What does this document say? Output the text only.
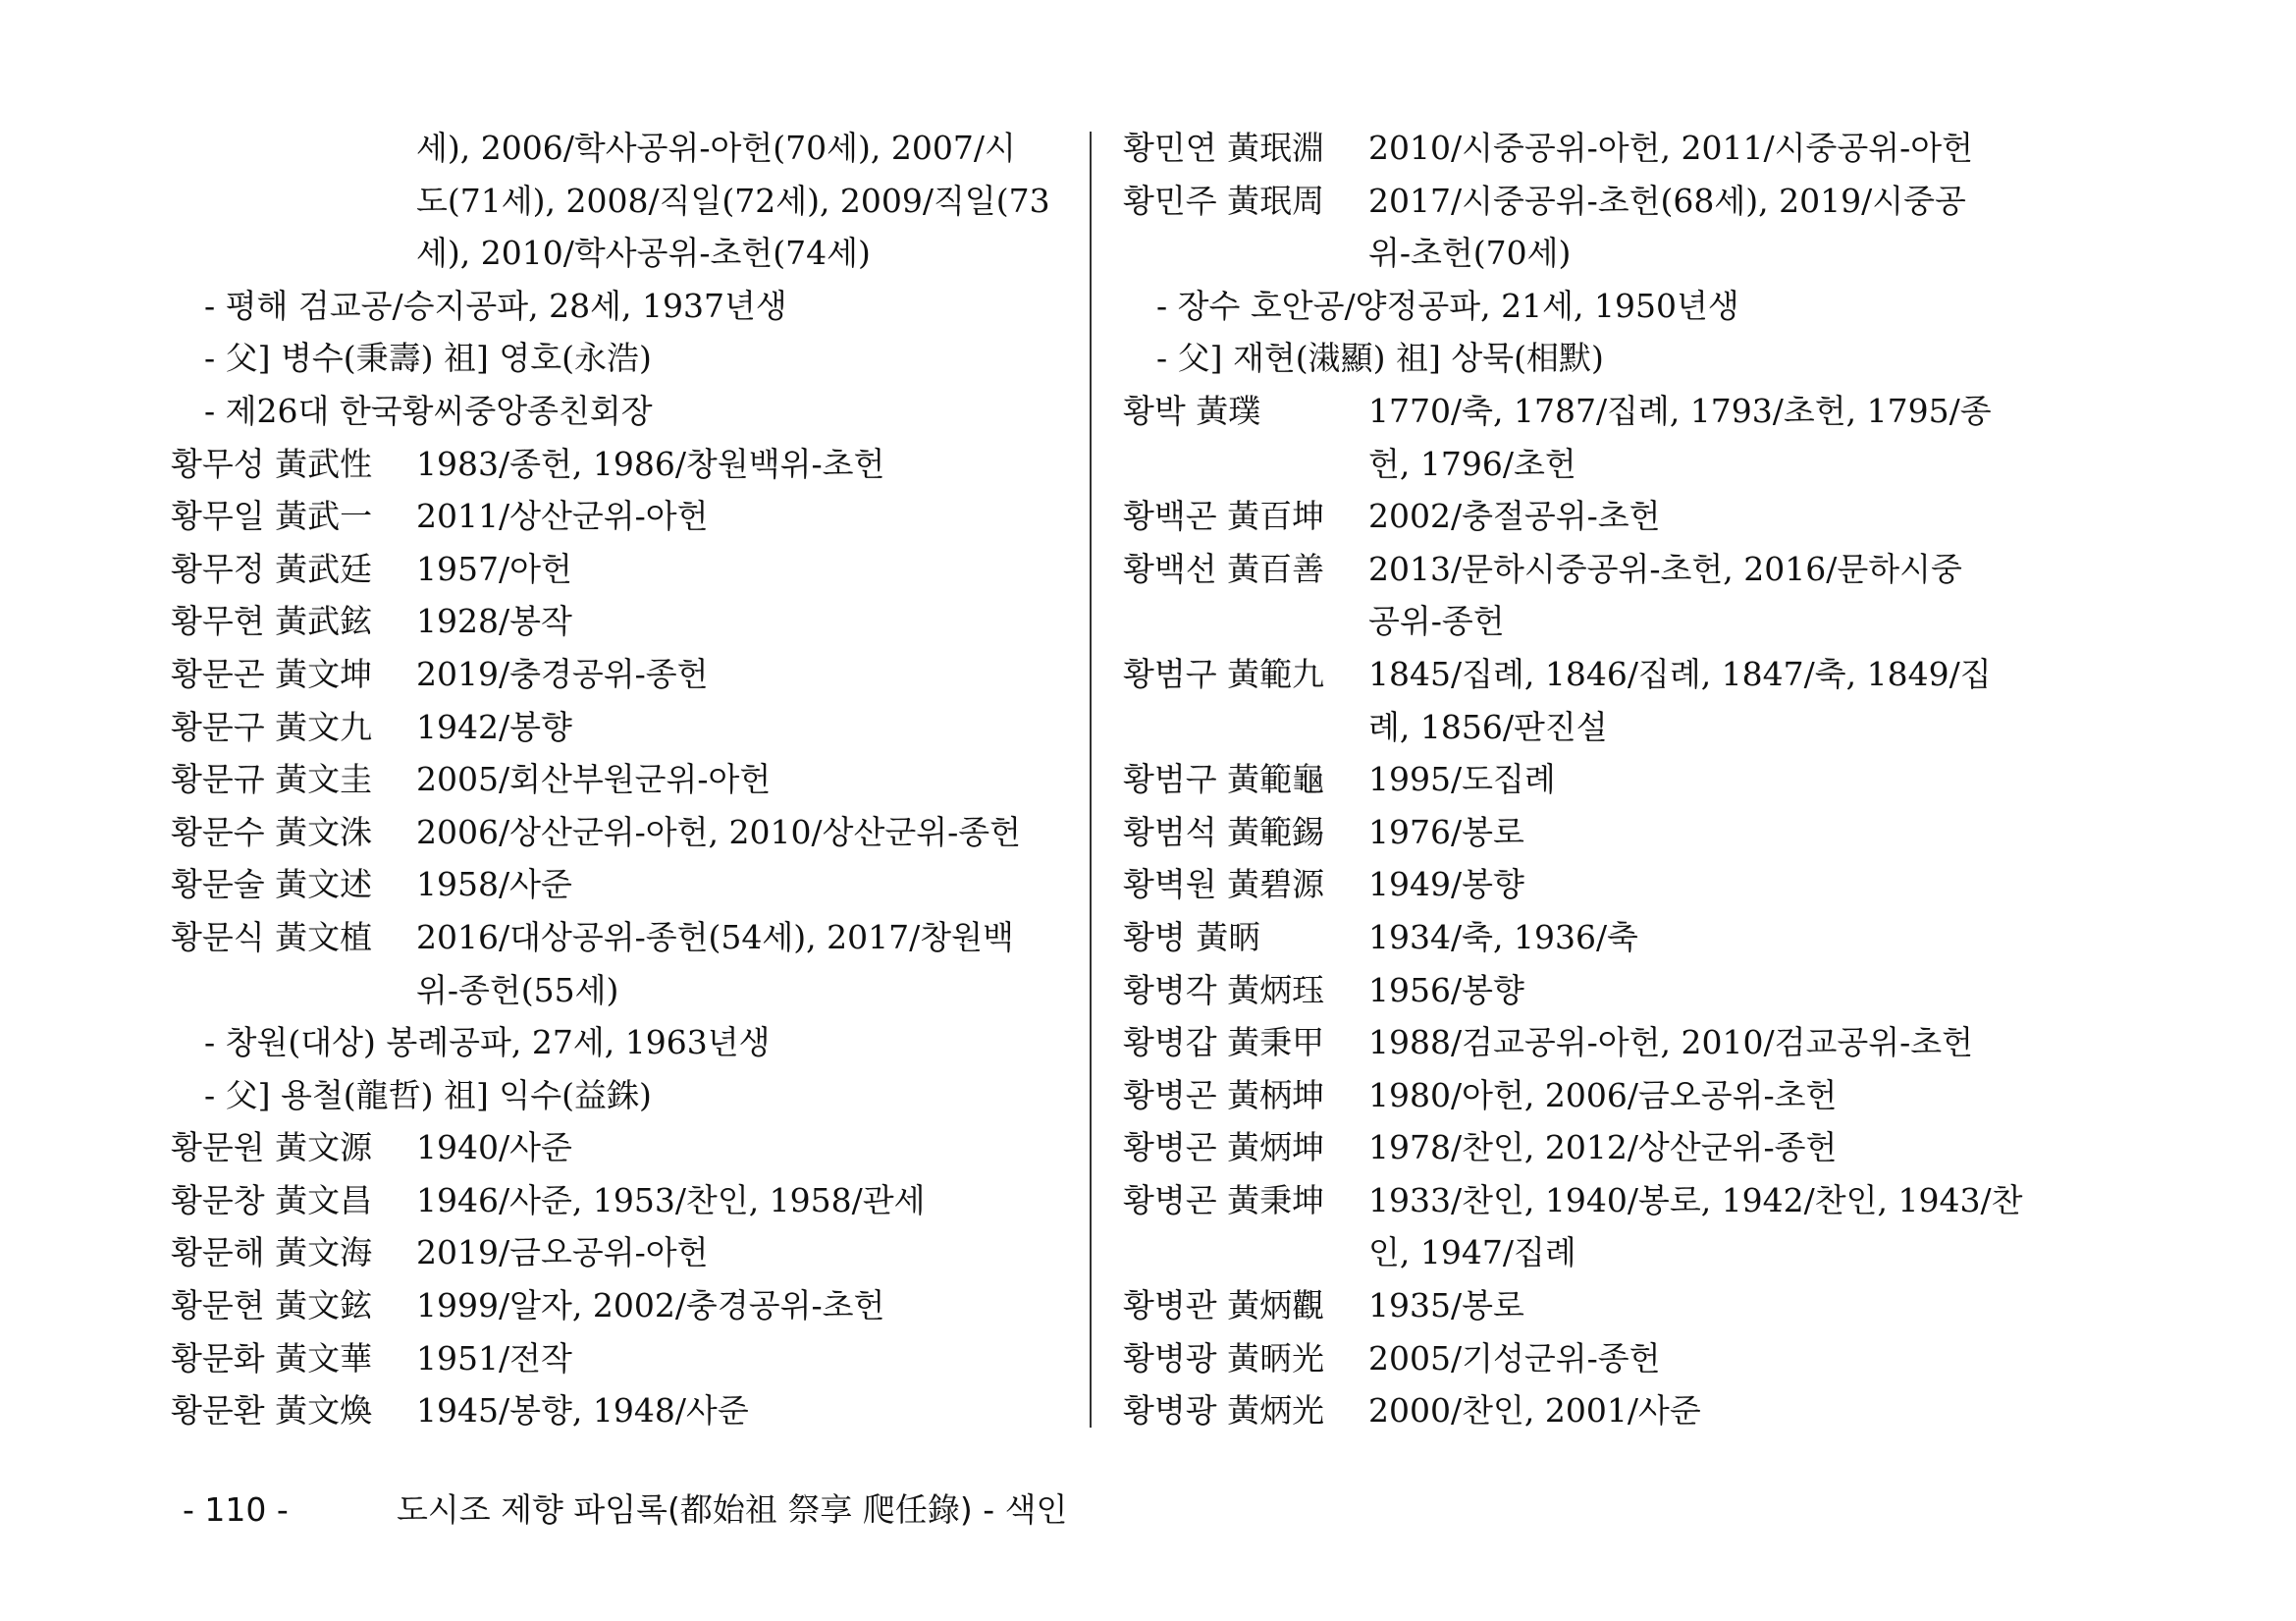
세), 2006/학사공위-아헌(70세), 2007/시
도(71세), 2008/직일(72세), 2009/직일(73
세), 2010/학사공위-초헌(74세)
- 평해 검교공/승지공파, 28세, 1937년생
- 父] 병수(秉壽) 祖] 영호(永浩)
- 제26대 한국황씨중앙종친회장
황무성 黃武性 1983/종헌, 1986/창원백위-초헌
황무일 黃武一 2011/상산군위-아헌
황무정 黃武廷 1957/아헌
황무현 黃武鉉 1928/봉작
황문곤 黃文坤 2019/충경공위-종헌
황문구 黃文九 1942/봉향
황문규 黃文圭 2005/회산부원군위-아헌
황문수 黃文洙 2006/상산군위-아헌, 2010/상산군위-종헌
황문술 黃文述 1958/사준
황문식 黃文植 2016/대상공위-종헌(54세), 2017/창원백
위-종헌(55세)
- 창원(대상) 봉례공파, 27세, 1963년생
- 父] 용철(龍哲) 祖] 익수(益銖)
황문원 黃文源 1940/사준
황문창 黃文昌 1946/사준, 1953/찬인, 1958/관세
황문해 黃文海 2019/금오공위-아헌
황문현 黃文鉉 1999/알자, 2002/충경공위-초헌
황문화 黃文華 1951/전작
황문환 黃文煥 1945/봉향, 1948/사준
황민연 黃珉淵 2010/시중공위-아헌, 2011/시중공위-아헌
황민주 黃珉周 2017/시중공위-초헌(68세), 2019/시중공
위-초헌(70세)
- 장수 호안공/양정공파, 21세, 1950년생
- 父] 재현(溨顯) 祖] 상묵(相默)
황박 黃璞	1770/축, 1787/집례, 1793/초헌, 1795/종
헌, 1796/초헌
황백곤 黃百坤 2002/충절공위-초헌
황백선 黃百善 2013/문하시중공위-초헌, 2016/문하시중
공위-종헌
황범구 黃範九 1845/집례, 1846/집례, 1847/축, 1849/집
례, 1856/판진설
황범구 黃範龜 1995/도집례
황범석 黃範錫 1976/봉로
황벽원 黃碧源 1949/봉향
황병 黃昞	1934/축, 1936/축
황병각 黃炳珏 1956/봉향
황병갑 黃秉甲 1988/검교공위-아헌, 2010/검교공위-초헌
황병곤 黃柄坤 1980/아헌, 2006/금오공위-초헌
황병곤 黃炳坤 1978/찬인, 2012/상산군위-종헌
황병곤 黃秉坤 1933/찬인, 1940/봉로, 1942/찬인, 1943/찬
인, 1947/집례
황병관 黃炳觀 1935/봉로
황병광 黃昞光 2005/기성군위-종헌
황병광 黃炳光 2000/찬인, 2001/사준
- 110 -	도시조 제향 파임록(都始祖 祭享 爬任錄) - 색인
